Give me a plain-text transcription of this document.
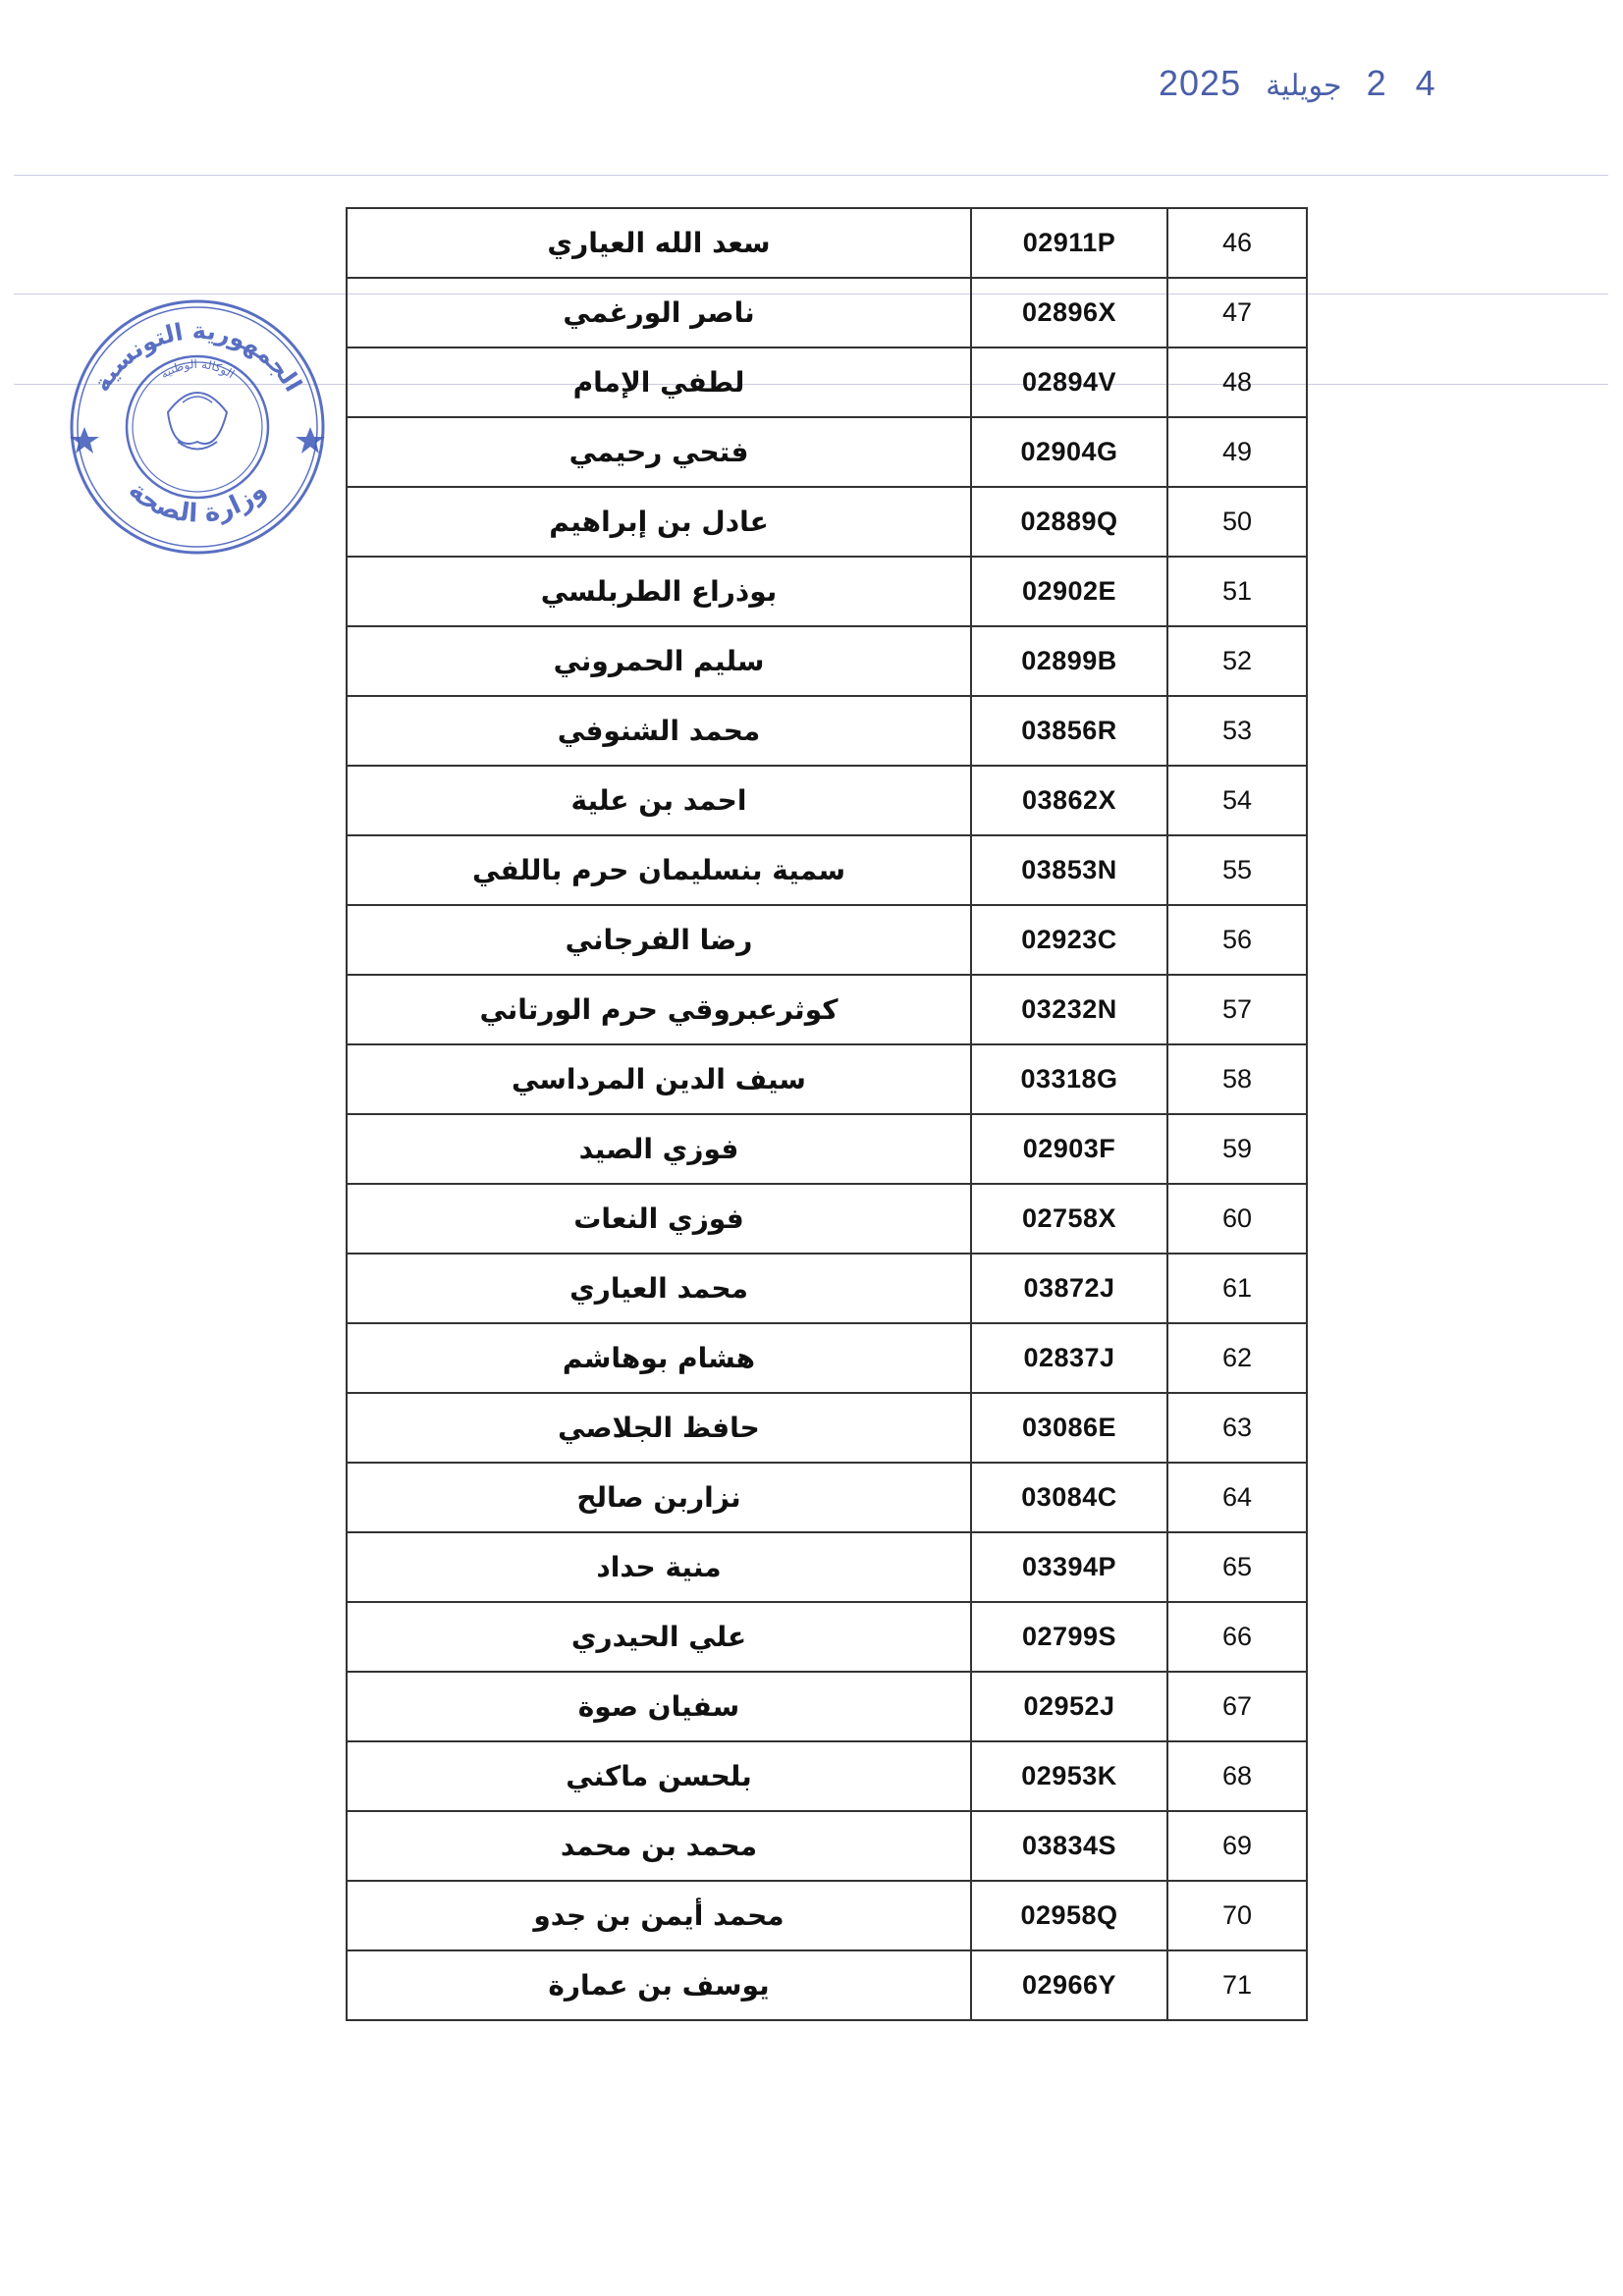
2025 جويلية 2 4
الجمهورية التونسية
وزارة الصحة
الوكالة الوطنية
سعد الله العياري	02911P	46
ناصر الورغمي	02896X	47
لطفي الإمام	02894V	48
فتحي رحيمي	02904G	49
عادل بن إبراهيم	02889Q	50
بوذراع الطربلسي	02902E	51
سليم الحمروني	02899B	52
محمد الشنوفي	03856R	53
احمد بن علية	03862X	54
سمية بنسليمان حرم باللفي	03853N	55
رضا الفرجاني	02923C	56
كوثرعبروقي حرم الورتاني	03232N	57
سيف الدين المرداسي	03318G	58
فوزي الصيد	02903F	59
فوزي النعات	02758X	60
محمد العياري	03872J	61
هشام بوهاشم	02837J	62
حافظ الجلاصي	03086E	63
نزاربن صالح	03084C	64
منية حداد	03394P	65
علي الحيدري	02799S	66
سفيان صوة	02952J	67
بلحسن ماكني	02953K	68
محمد بن محمد	03834S	69
محمد أيمن بن جدو	02958Q	70
يوسف بن عمارة	02966Y	71
